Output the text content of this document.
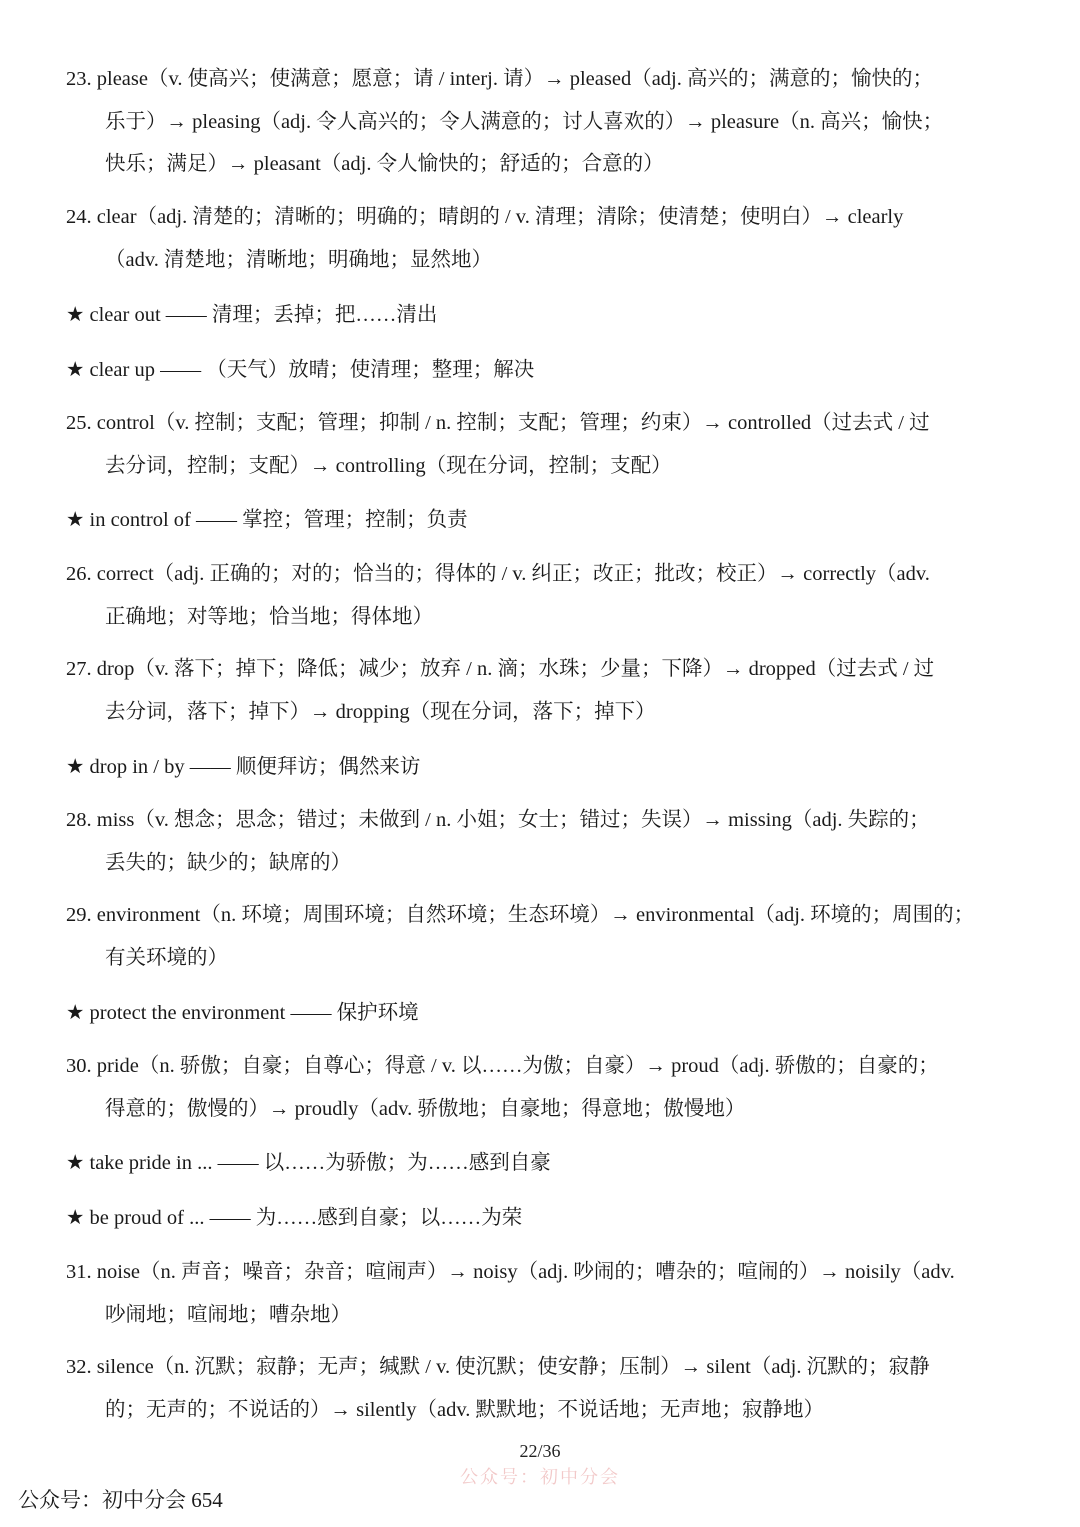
23. please（v. 使高兴；使满意；愿意；请 / interj. 请）→ pleased（adj. 高兴的；满意的；愉快的；
乐于）→ pleasing（adj. 令人高兴的；令人满意的；讨人喜欢的）→ pleasure（n. 高兴；愉快；
快乐；满足）→ pleasant（adj. 令人愉快的；舒适的；合意的）
24. clear（adj. 清楚的；清晰的；明确的；晴朗的 / v. 清理；清除；使清楚；使明白）→ clearly
（adv. 清楚地；清晰地；明确地；显然地）
★ clear out —— 清理；丢掉；把……清出
★ clear up —— （天气）放晴；使清理；整理；解决
25. control（v. 控制；支配；管理；抑制 / n. 控制；支配；管理；约束）→ controlled（过去式 / 过
去分词，控制；支配）→ controlling（现在分词，控制；支配）
★ in control of —— 掌控；管理；控制；负责
26. correct（adj. 正确的；对的；恰当的；得体的 / v. 纠正；改正；批改；校正）→ correctly（adv.
正确地；对等地；恰当地；得体地）
27. drop（v. 落下；掉下；降低；减少；放弃 / n. 滴；水珠；少量；下降）→ dropped（过去式 / 过
去分词，落下；掉下）→ dropping（现在分词，落下；掉下）
★ drop in / by —— 顺便拜访；偶然来访
28. miss（v. 想念；思念；错过；未做到 / n. 小姐；女士；错过；失误）→ missing（adj. 失踪的；
丢失的；缺少的；缺席的）
29. environment（n. 环境；周围环境；自然环境；生态环境）→ environmental（adj. 环境的；周围的；
有关环境的）
★ protect the environment —— 保护环境
30. pride（n. 骄傲；自豪；自尊心；得意 / v. 以……为傲；自豪）→ proud（adj. 骄傲的；自豪的；
得意的；傲慢的）→ proudly（adv. 骄傲地；自豪地；得意地；傲慢地）
★ take pride in ... —— 以……为骄傲；为……感到自豪
★ be proud of ... —— 为……感到自豪；以……为荣
31. noise（n. 声音；噪音；杂音；喧闹声）→ noisy（adj. 吵闹的；嘈杂的；喧闹的）→ noisily（adv.
吵闹地；喧闹地；嘈杂地）
32. silence（n. 沉默；寂静；无声；缄默 / v. 使沉默；使安静；压制）→ silent（adj. 沉默的；寂静
的；无声的；不说话的）→ silently（adv. 默默地；不说话地；无声地；寂静地）
22/36
公众号：初中分会
公众号：初中分会 654
